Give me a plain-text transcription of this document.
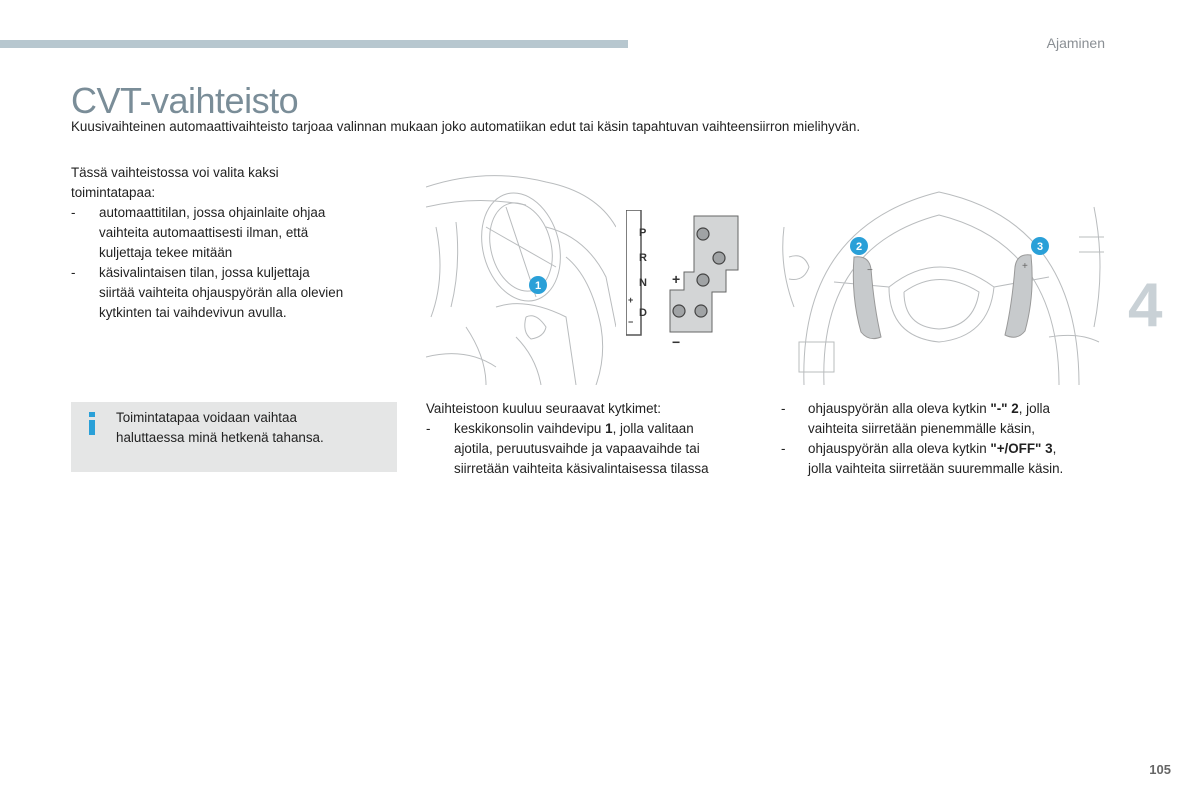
Ajaminen
CVT-vaihteisto
Kuusivaihteinen automaattivaihteisto tarjoaa valinnan mukaan joko automatiikan edut tai käsin tapahtuvan vaihteensiirron mielihyvän.

Tässä vaihteistossa voi valita kaksi

toimintatapaa:

- automaattitilan, jossa ohjainlaite ohjaa
vaihteita automaattisesti ilman, että
kuljettaja tekee mitään
- käsivalintaisen tilan, jossa kuljettaja
siirtää vaihteita ohjauspyörän alla olevien
kytkinten tai vaihdevivun avulla.
Toimintatapaa voidaan vaihtaa
haluttaessa minä hetkenä tahansa.
1
P
R
N
D
+
−
+
−
−	+
2	3

Vaihteistoon kuuluu seuraavat kytkimet:

- keskikonsolin vaihdevipu 1, jolla valitaan
ajotila, peruutusvaihde ja vapaavaihde tai
siirretään vaihteita käsivalintaisessa tilassa
- ohjauspyörän alla oleva kytkin "-" 2, jolla
vaihteita siirretään pienemmälle käsin,
- ohjauspyörän alla oleva kytkin "+/OFF" 3,
jolla vaihteita siirretään suuremmalle käsin.
4
105
